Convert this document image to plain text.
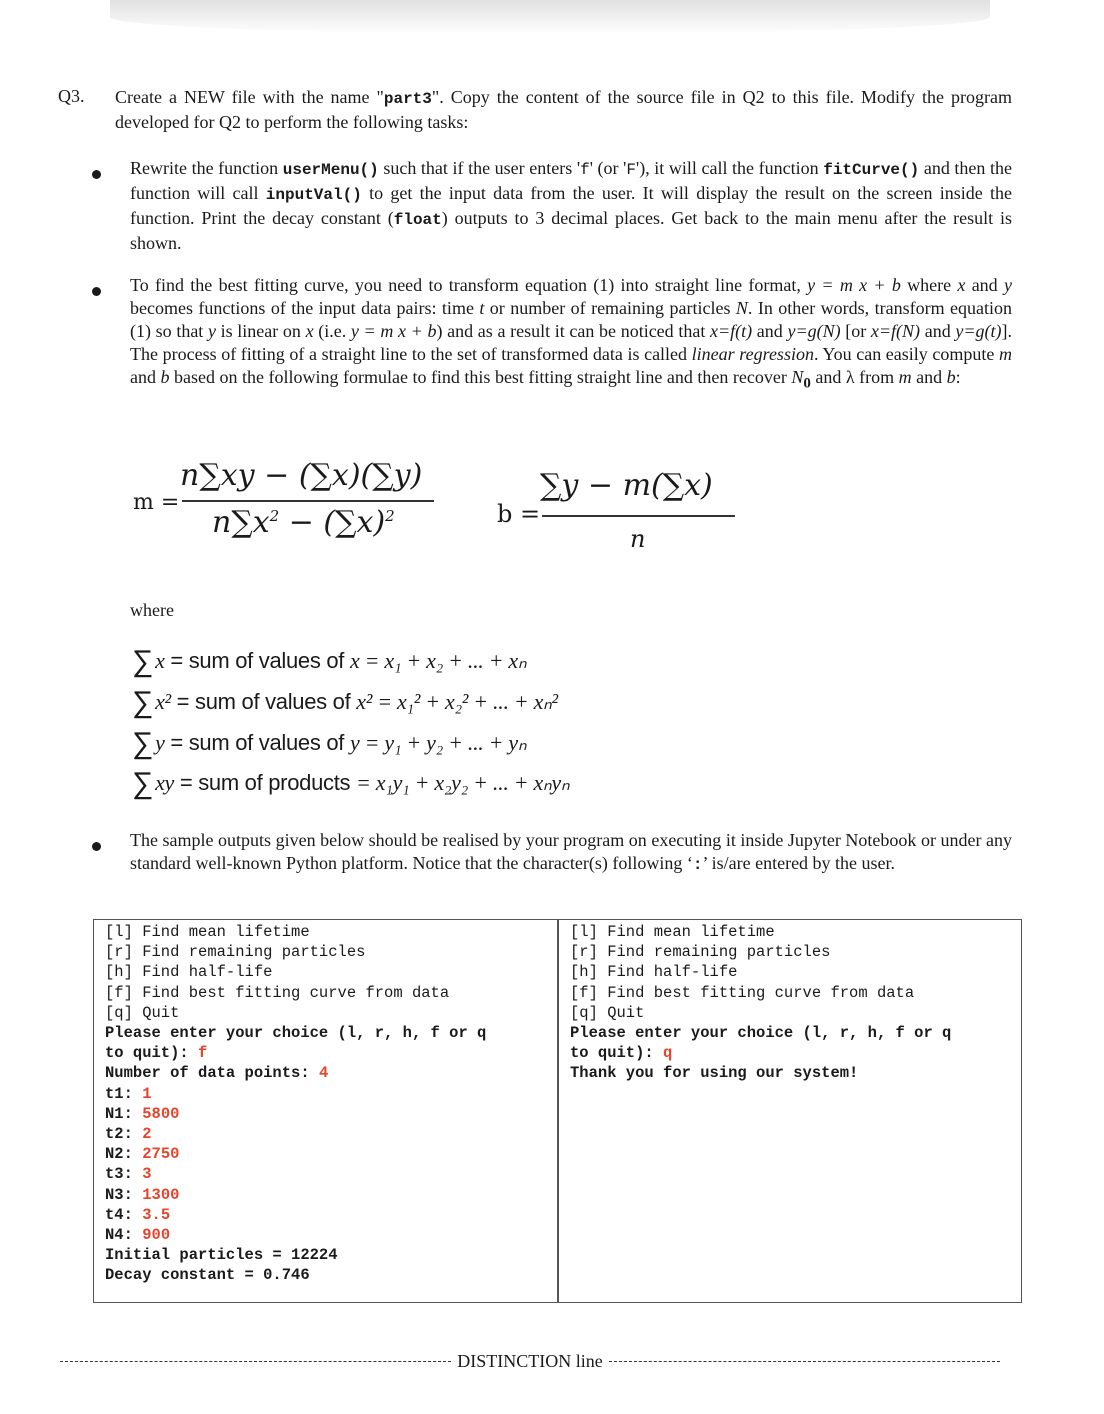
Q3. Create a NEW file with the name "part3". Copy the content of the source file in Q2 to this file. Modify the program developed for Q2 to perform the following tasks:
Rewrite the function userMenu() such that if the user enters 'f' (or 'F'), it will call the function fitCurve() and then the function will call inputVal() to get the input data from the user. It will display the result on the screen inside the function. Print the decay constant (float) outputs to 3 decimal places. Get back to the main menu after the result is shown.
To find the best fitting curve, you need to transform equation (1) into straight line format, y = m x + b where x and y becomes functions of the input data pairs: time t or number of remaining particles N. In other words, transform equation (1) so that y is linear on x (i.e. y = m x + b) and as a result it can be noticed that x=f(t) and y=g(N) [or x=f(N) and y=g(t)]. The process of fitting of a straight line to the set of transformed data is called linear regression. You can easily compute m and b based on the following formulae to find this best fitting straight line and then recover $N_0$ and λ from m and b:
m =
n∑xy − (∑x)(∑y)
$n\sum x^2 - (\sum x)^2$	b =
∑y − m(∑x)
n
where
∑x = sum of values of x = x₁ + x₂ + ... + xₙ
∑x² = sum of values of x² = x₁² + x₂² + ... + xₙ²
∑y = sum of values of y = y₁ + y₂ + ... + yₙ
∑xy = sum of products = x₁y₁ + x₂y₂ + ... + xₙyₙ
The sample outputs given below should be realised by your program on executing it inside Jupyter Notebook or under any standard well-known Python platform. Notice that the character(s) following ‘:’ is/are entered by the user.
[l] Find mean lifetime
[r] Find remaining particles
[h] Find half-life
[f] Find best fitting curve from data
[q] Quit
Please enter your choice (l, r, h, f or q
to quit): f
Number of data points: 4
t1: 1
N1: 5800
t2: 2
N2: 2750
t3: 3
N3: 1300
t4: 3.5
N4: 900
Initial particles = 12224
Decay constant = 0.746
[l] Find mean lifetime
[r] Find remaining particles
[h] Find half-life
[f] Find best fitting curve from data
[q] Quit
Please enter your choice (l, r, h, f or q
to quit): q
Thank you for using our system!
DISTINCTION line
